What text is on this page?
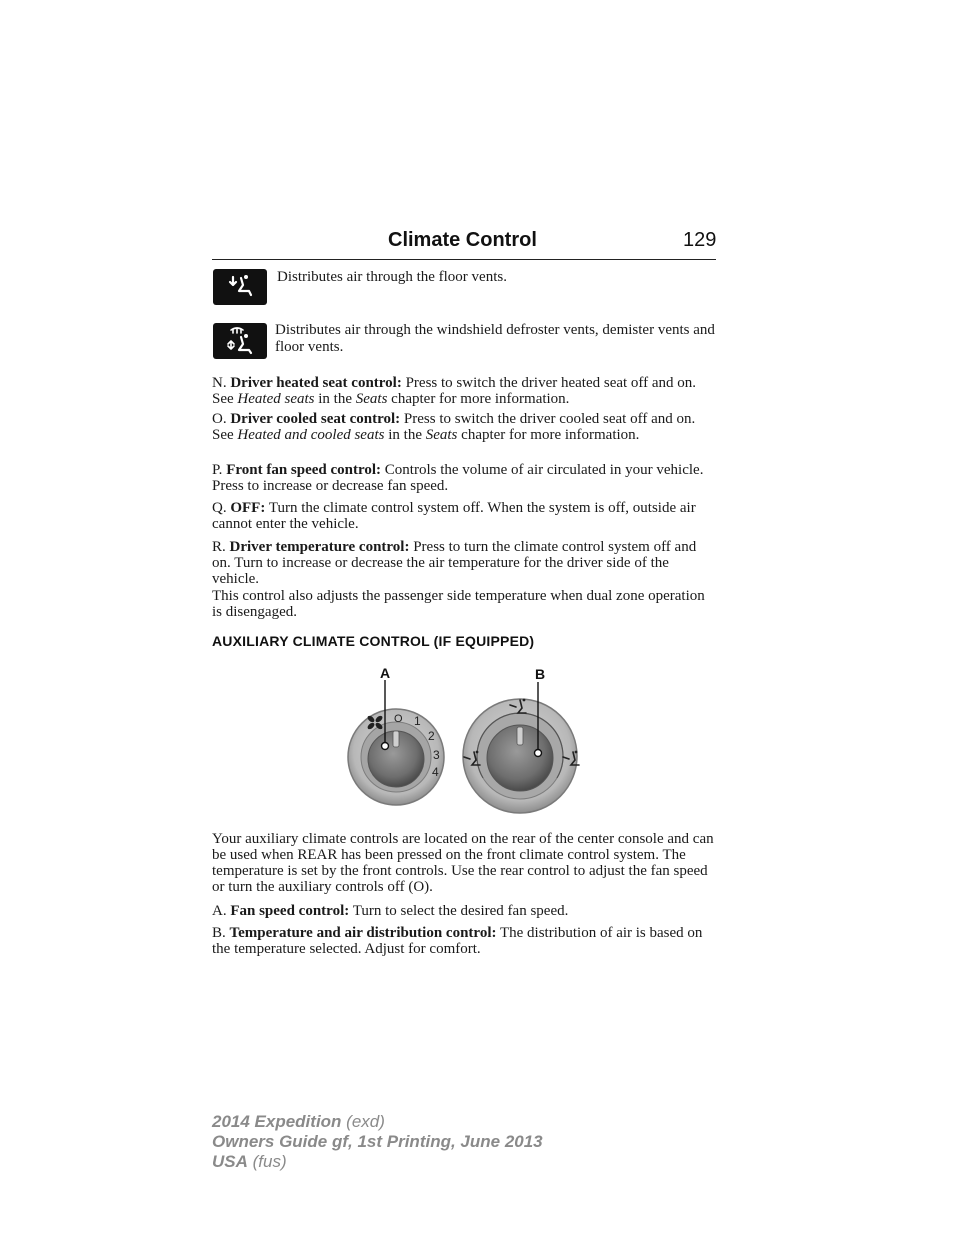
Climate Control	129
Distributes air through the floor vents.
Distributes air through the windshield defroster vents, demister vents and floor vents.
N. Driver heated seat control: Press to switch the driver heated seat off and on. See Heated seats in the Seats chapter for more information.
O. Driver cooled seat control: Press to switch the driver cooled seat off and on. See Heated and cooled seats in the Seats chapter for more information.
P. Front fan speed control: Controls the volume of air circulated in your vehicle. Press to increase or decrease fan speed.
Q. OFF: Turn the climate control system off. When the system is off, outside air cannot enter the vehicle.
R. Driver temperature control: Press to turn the climate control system off and on. Turn to increase or decrease the air temperature for the driver side of the vehicle.
This control also adjusts the passenger side temperature when dual zone operation is disengaged.
AUXILIARY CLIMATE CONTROL (IF EQUIPPED)
O 1
2
3
4
A	B
Your auxiliary climate controls are located on the rear of the center console and can be used when REAR has been pressed on the front climate control system. The temperature is set by the front controls. Use the rear control to adjust the fan speed or turn the auxiliary controls off (O).
A. Fan speed control: Turn to select the desired fan speed.
B. Temperature and air distribution control: The distribution of air is based on the temperature selected. Adjust for comfort.
2014 Expedition (exd)
Owners Guide gf, 1st Printing, June 2013
USA (fus)
